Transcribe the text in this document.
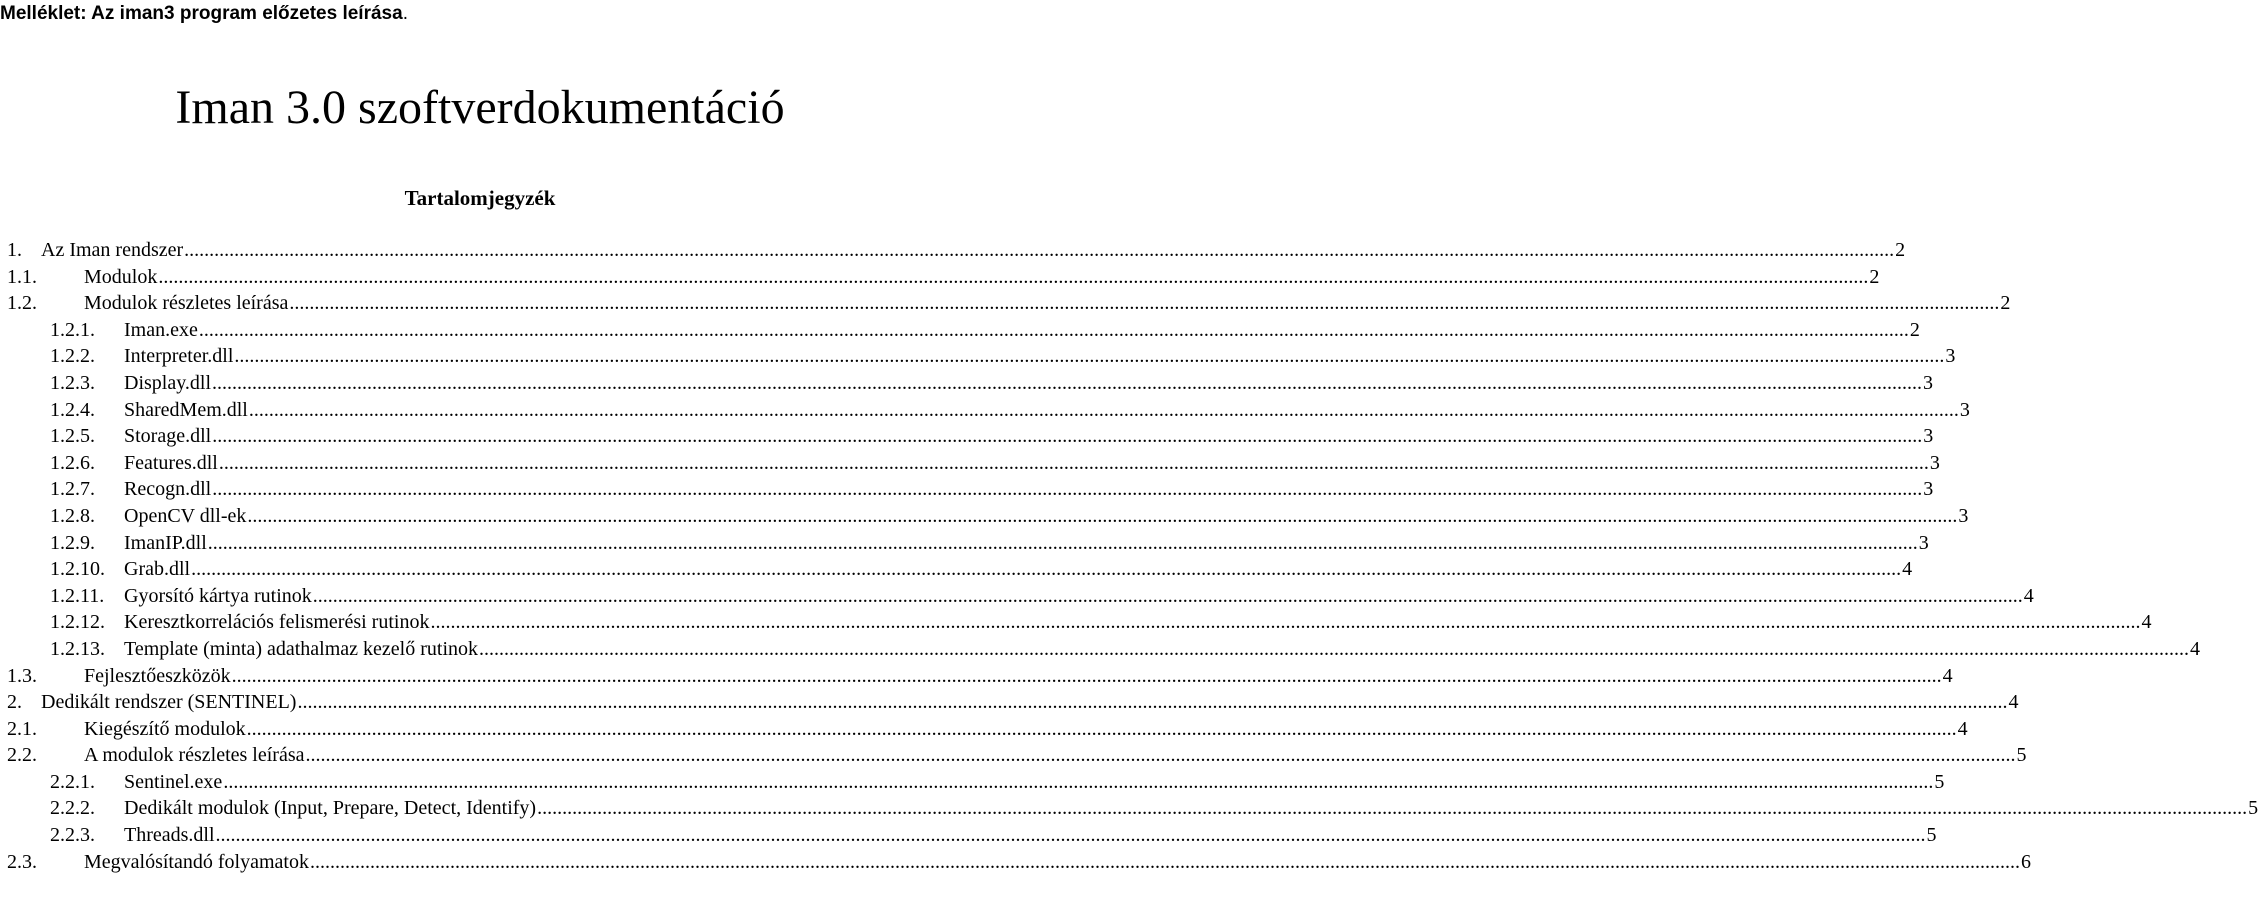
Melléklet: Az iman3 program előzetes leírása.
Iman 3.0 szoftverdokumentáció
Tartalomjegyzék
1. Az Iman rendszer .....	2
1.1.	Modulok .....	2
1.2.	Modulok részletes leírása .....	2
1.2.1.	Iman.exe .....	2
1.2.2.	Interpreter.dll .....	3
1.2.3.	Display.dll .....	3
1.2.4.	SharedMem.dll .....	3
1.2.5.	Storage.dll .....	3
1.2.6.	Features.dll .....	3
1.2.7.	Recogn.dll .....	3
1.2.8.	OpenCV dll-ek .....	3
1.2.9.	ImanIP.dll .....	3
1.2.10. Grab.dll .....	4
1.2.11. Gyorsító kártya rutinok .....	4
1.2.12. Keresztkorrelációs felismerési rutinok .....	4
1.2.13. Template (minta) adathalmaz kezelő rutinok .....	4
1.3.	Fejlesztőeszközök .....	4
2. Dedikált rendszer (SENTINEL) .....	4
2.1.	Kiegészítő modulok .....	4
2.2.	A modulok részletes leírása .....	5
2.2.1.	Sentinel.exe .....	5
2.2.2.	Dedikált modulok (Input, Prepare, Detect, Identify) .....	5
2.2.3.	Threads.dll .....	5
2.3.	Megvalósítandó folyamatok .....	6
